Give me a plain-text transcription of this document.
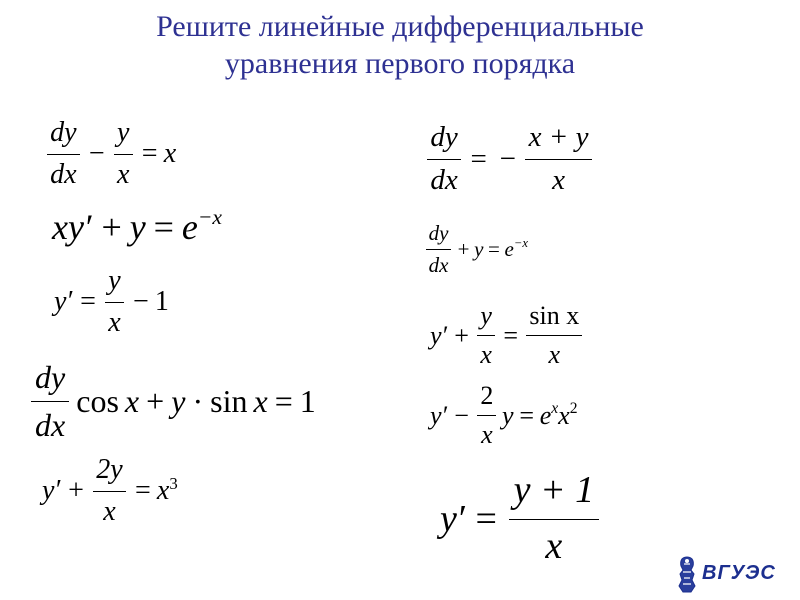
Решите линейные дифференциальные
уравнения первого порядка
$\frac{dy}{dx} - \frac{y}{x} = x$
x y ′ + $y = e^{-x}$
y ′ = $\frac{y}{x} - 1$
$\frac{dy}{dx}$ cos x + y · sin x = 1
y ′ + $\frac{2y}{x} = x^3$
$\frac{dy}{dx}$ = − $\frac{x + y}{x}$
$\frac{dy}{dx} + y = e^{-x}$
y ′ + $\frac{y}{x} = \frac{\text{sin x}}{x}$
y ′ − $\frac{2}{x}$ $y = e^x$ $x^2$
y ′ = $\frac{y + 1}{x}$
ВГУЭС
